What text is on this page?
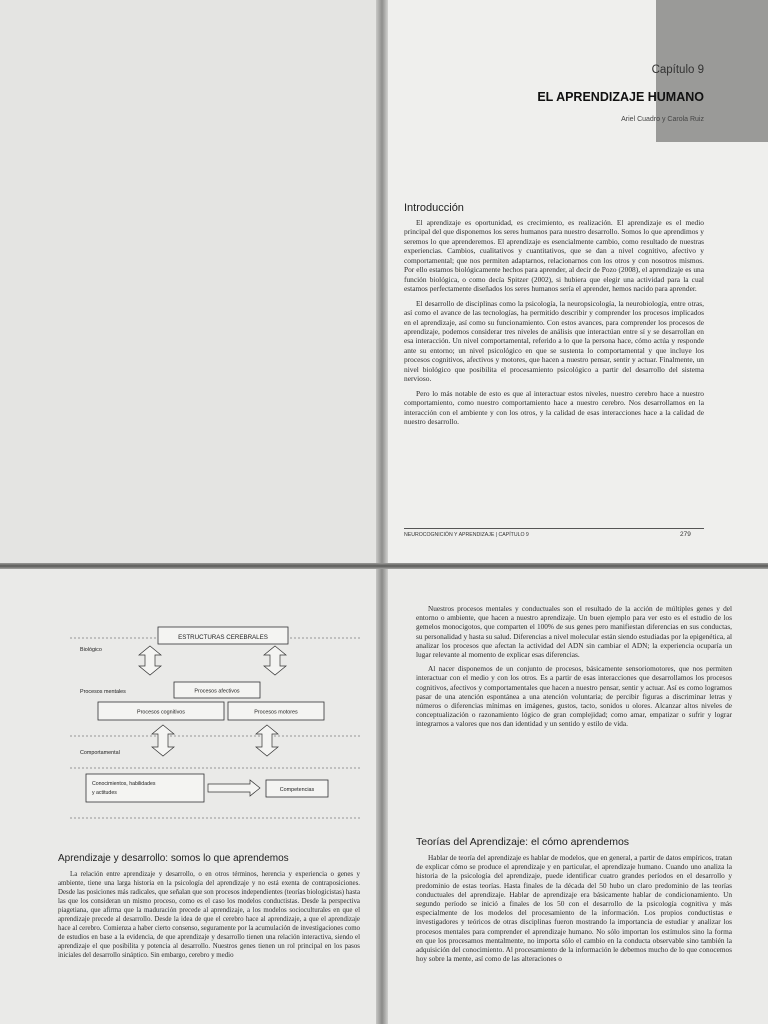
Capítulo 9
EL APRENDIZAJE HUMANO
Ariel Cuadro y Carola Ruiz
Introducción

El aprendizaje es oportunidad, es crecimiento, es realización. El aprendizaje es el medio principal del que disponemos los seres humanos para nuestro desarrollo. Somos lo que aprendimos y seremos lo que aprenderemos. El aprendizaje es esencialmente cambio, como resultado de nuestras experiencias. Cambios, cualitativos y cuantitativos, que se dan a nivel cognitivo, afectivo y comportamental; que nos permiten adaptarnos, relacionarnos con los otros y con nosotros mismos. Por ello estamos biológicamente hechos para aprender, al decir de Pozo (2008), el aprendizaje es una función biológica, o como decía Spitzer (2002), si hubiera que elegir una actividad para la cual estamos perfectamente diseñados los seres humanos sería el aprender, hemos nacido para aprender.

El desarrollo de disciplinas como la psicología, la neuropsicología, la neurobiología, entre otras, así como el avance de las tecnologías, ha permitido describir y comprender los procesos implicados en el aprendizaje, así como su funcionamiento. Con estos avances, para comprender los procesos de aprendizaje, podemos considerar tres niveles de análisis que interactúan entre sí y se desarrollan en esa interacción. Un nivel comportamental, referido a lo que la persona hace, cómo actúa y responde ante su entorno; un nivel psicológico en que se sustenta lo comportamental y que incluye los procesos cognitivos, afectivos y motores, que hacen a nuestro pensar, sentir y actuar. Finalmente, un nivel biológico que posibilita el procesamiento psicológico a partir del desarrollo del sistema nervioso.

Pero lo más notable de esto es que al interactuar estos niveles, nuestro cerebro hace a nuestro comportamiento, como nuestro comportamiento hace a nuestro cerebro. Nos desarrollamos en la interacción con el ambiente y con los otros, y la calidad de esas interacciones hace a la calidad de nuestro desarrollo.

NEUROCOGNICIÓN Y APRENDIZAJE | CAPÍTULO 9	279
ESTRUCTURAS CEREBRALES
Biológico
Procesos mentales
Comportamental
Procesos afectivos
Procesos cognitivos	Procesos motores
Conocimientos, habilidades
y actitudes	Competencias
Aprendizaje y desarrollo: somos lo que aprendemos

La relación entre aprendizaje y desarrollo, o en otros términos, herencia y experiencia o genes y ambiente, tiene una larga historia en la psicología del aprendizaje y no está exenta de contraposiciones. Desde las posiciones más radicales, que señalan que son procesos independientes (teorías biologicistas) hasta las que los consideran un mismo proceso, como es el caso los modelos conductistas. Desde la perspectiva piagetiana, que afirma que la maduración precede al aprendizaje, a los modelos socioculturales en que el aprendizaje precede al desarrollo. Desde la idea de que el cerebro hace al aprendizaje, a que el aprendizaje hace al cerebro. Comienza a haber cierto consenso, seguramente por la acumulación de investigaciones como de estudios en base a la evidencia, de que aprendizaje y desarrollo tienen una relación interactiva, siendo el aprendizaje el que posibilita y potencia al desarrollo. Nuestros genes tienen un rol principal en los pasos iniciales del desarrollo sináptico. Sin embargo, cerebro y medio

Nuestros procesos mentales y conductuales son el resultado de la acción de múltiples genes y del entorno o ambiente, que hacen a nuestro aprendizaje. Un buen ejemplo para ver esto es el estudio de los gemelos monocigotos, que comparten el 100% de sus genes pero manifiestan diferencias en sus conductas, su personalidad y hasta su salud. Diferencias a nivel molecular están siendo estudiadas por la epigenética, al analizar los procesos que afectan la actividad del ADN sin cambiar el ADN; la experiencia ocuparía un lugar relevante al momento de explicar esas diferencias.

Al nacer disponemos de un conjunto de procesos, básicamente sensoriomotores, que nos permiten interactuar con el medio y con los otros. Es a partir de esas interacciones que desarrollamos los procesos cognitivos, afectivos y comportamentales que hacen a nuestro pensar, sentir y actuar. Así es como logramos pasar de una atención espontánea a una atención voluntaria; de percibir figuras a discriminar letras y números o diferencias mínimas en imágenes, gustos, tacto, sonidos u olores. Alcanzar altos niveles de conceptualización o razonamiento lógico de gran complejidad; como amar, empatizar o sufrir y lograr integrarnos a valores que nos dan identidad y un sentido y estilo de vida.

Teorías del Aprendizaje: el cómo aprendemos

Hablar de teoría del aprendizaje es hablar de modelos, que en general, a partir de datos empíricos, tratan de explicar cómo se produce el aprendizaje y en particular, el aprendizaje humano. Cuando uno analiza la historia de la psicología del aprendizaje, puede identificar cuatro grandes períodos en el desarrollo y predominio de estas teorías. Hasta finales de la década del 50 hubo un claro predominio de las teorías conductuales del aprendizaje. Hablar de aprendizaje era básicamente hablar de condicionamiento. Un segundo período se inició a finales de los 50 con el desarrollo de la psicología cognitiva y más especialmente de los modelos del procesamiento de la información. Los propios conductistas e investigadores y teóricos de otras disciplinas fueron mostrando la importancia de estudiar y analizar los procesos mentales para comprender el aprendizaje humano. No sólo importan los estímulos sino la forma en que los procesamos mentalmente, no importa sólo el cambio en la conducta observable sino también la adquisición del conocimiento. Al procesamiento de la información le debemos mucho de lo que conocemos hoy sobre la mente, así como de las alteraciones o
